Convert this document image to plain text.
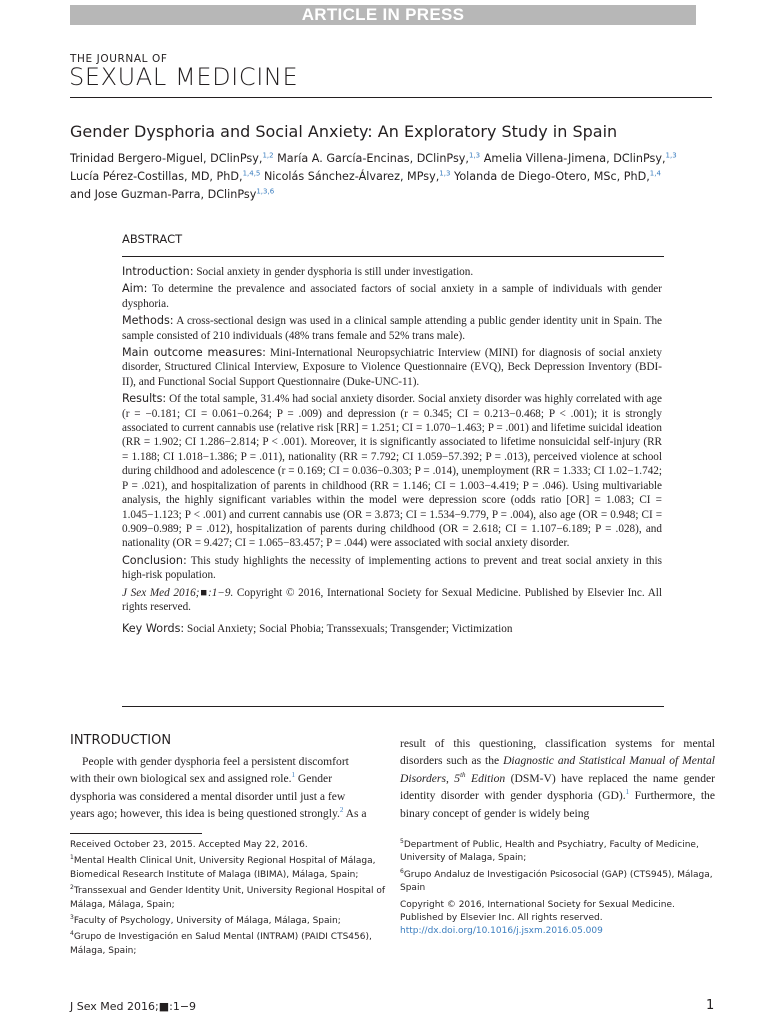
ARTICLE IN PRESS
THE JOURNAL OF
SEXUAL MEDICINE
Gender Dysphoria and Social Anxiety: An Exploratory Study in Spain
Trinidad Bergero-Miguel, DClinPsy,$^{1,2}$ María A. García-Encinas, DClinPsy,$^{1,3}$ Amelia Villena-Jimena, DClinPsy,$^{1,3}$
Lucía Pérez-Costillas, MD, PhD,$^{1,4,5}$ Nicolás Sánchez-Álvarez, MPsy,$^{1,3}$ Yolanda de Diego-Otero, MSc, PhD,$^{1,4}$
and Jose Guzman-Parra, DClinPsy$^{1,3,6}$
ABSTRACT

Introduction: Social anxiety in gender dysphoria is still under investigation.

Aim: To determine the prevalence and associated factors of social anxiety in a sample of individuals with gender dysphoria.

Methods: A cross-sectional design was used in a clinical sample attending a public gender identity unit in Spain. The sample consisted of 210 individuals (48% trans female and 52% trans male).

Main outcome measures: Mini-International Neuropsychiatric Interview (MINI) for diagnosis of social anxiety disorder, Structured Clinical Interview, Exposure to Violence Questionnaire (EVQ), Beck Depression Inventory (BDI-II), and Functional Social Support Questionnaire (Duke-UNC-11).

Results: Of the total sample, 31.4% had social anxiety disorder. Social anxiety disorder was highly correlated with age (r = −0.181; CI = 0.061−0.264; P = .009) and depression (r = 0.345; CI = 0.213−0.468; P < .001); it is strongly associated to current cannabis use (relative risk [RR] = 1.251; CI = 1.070−1.463; P = .001) and lifetime suicidal ideation (RR = 1.902; CI 1.286−2.814; P < .001). Moreover, it is significantly associated to lifetime nonsuicidal self-injury (RR = 1.188; CI 1.018−1.386; P = .011), nationality (RR = 7.792; CI 1.059−57.392; P = .013), perceived violence at school during childhood and adolescence (r = 0.169; CI = 0.036−0.303; P = .014), unemployment (RR = 1.333; CI 1.02−1.742; P = .021), and hospitalization of parents in childhood (RR = 1.146; CI = 1.003−4.419; P = .046). Using multivariable analysis, the highly significant variables within the model were depression score (odds ratio [OR] = 1.083; CI = 1.045−1.123; P < .001) and current cannabis use (OR = 3.873; CI = 1.534−9.779, P = .004), also age (OR = 0.948; CI = 0.909−0.989; P = .012), hospitalization of parents during childhood (OR = 2.618; CI = 1.107−6.189; P = .028), and nationality (OR = 9.427; CI = 1.065−83.457; P = .044) were associated with social anxiety disorder.

Conclusion: This study highlights the necessity of implementing actions to prevent and treat social anxiety in this high-risk population.

J Sex Med 2016;■:1−9. Copyright © 2016, International Society for Sexual Medicine. Published by Elsevier Inc. All rights reserved.

Key Words: Social Anxiety; Social Phobia; Transsexuals; Transgender; Victimization

INTRODUCTION
People with gender dysphoria feel a persistent discomfort
with their own biological sex and assigned role.$^1$ Gender
dysphoria was considered a mental disorder until just a few
years ago; however, this idea is being questioned strongly.$^2$ As a
result of this questioning, classification systems for mental disorders such as the Diagnostic and Statistical Manual of Mental Disorders, 5th Edition (DSM-V) have replaced the name gender identity disorder with gender dysphoria (GD).$^1$ Furthermore, the binary concept of gender is widely being

Received October 23, 2015. Accepted May 22, 2016.

$^1$Mental Health Clinical Unit, University Regional Hospital of Málaga, Biomedical Research Institute of Malaga (IBIMA), Málaga, Spain;

$^2$Transsexual and Gender Identity Unit, University Regional Hospital of Málaga, Málaga, Spain;

$^3$Faculty of Psychology, University of Málaga, Málaga, Spain;

$^4$Grupo de Investigación en Salud Mental (INTRAM) (PAIDI CTS456), Málaga, Spain;

$^5$Department of Public, Health and Psychiatry, Faculty of Medicine, University of Malaga, Spain;

$^6$Grupo Andaluz de Investigación Psicosocial (GAP) (CTS945), Málaga, Spain

Copyright © 2016, International Society for Sexual Medicine. Published by Elsevier Inc. All rights reserved.

http://dx.doi.org/10.1016/j.jsxm.2016.05.009

J Sex Med 2016;■:1−9	1
